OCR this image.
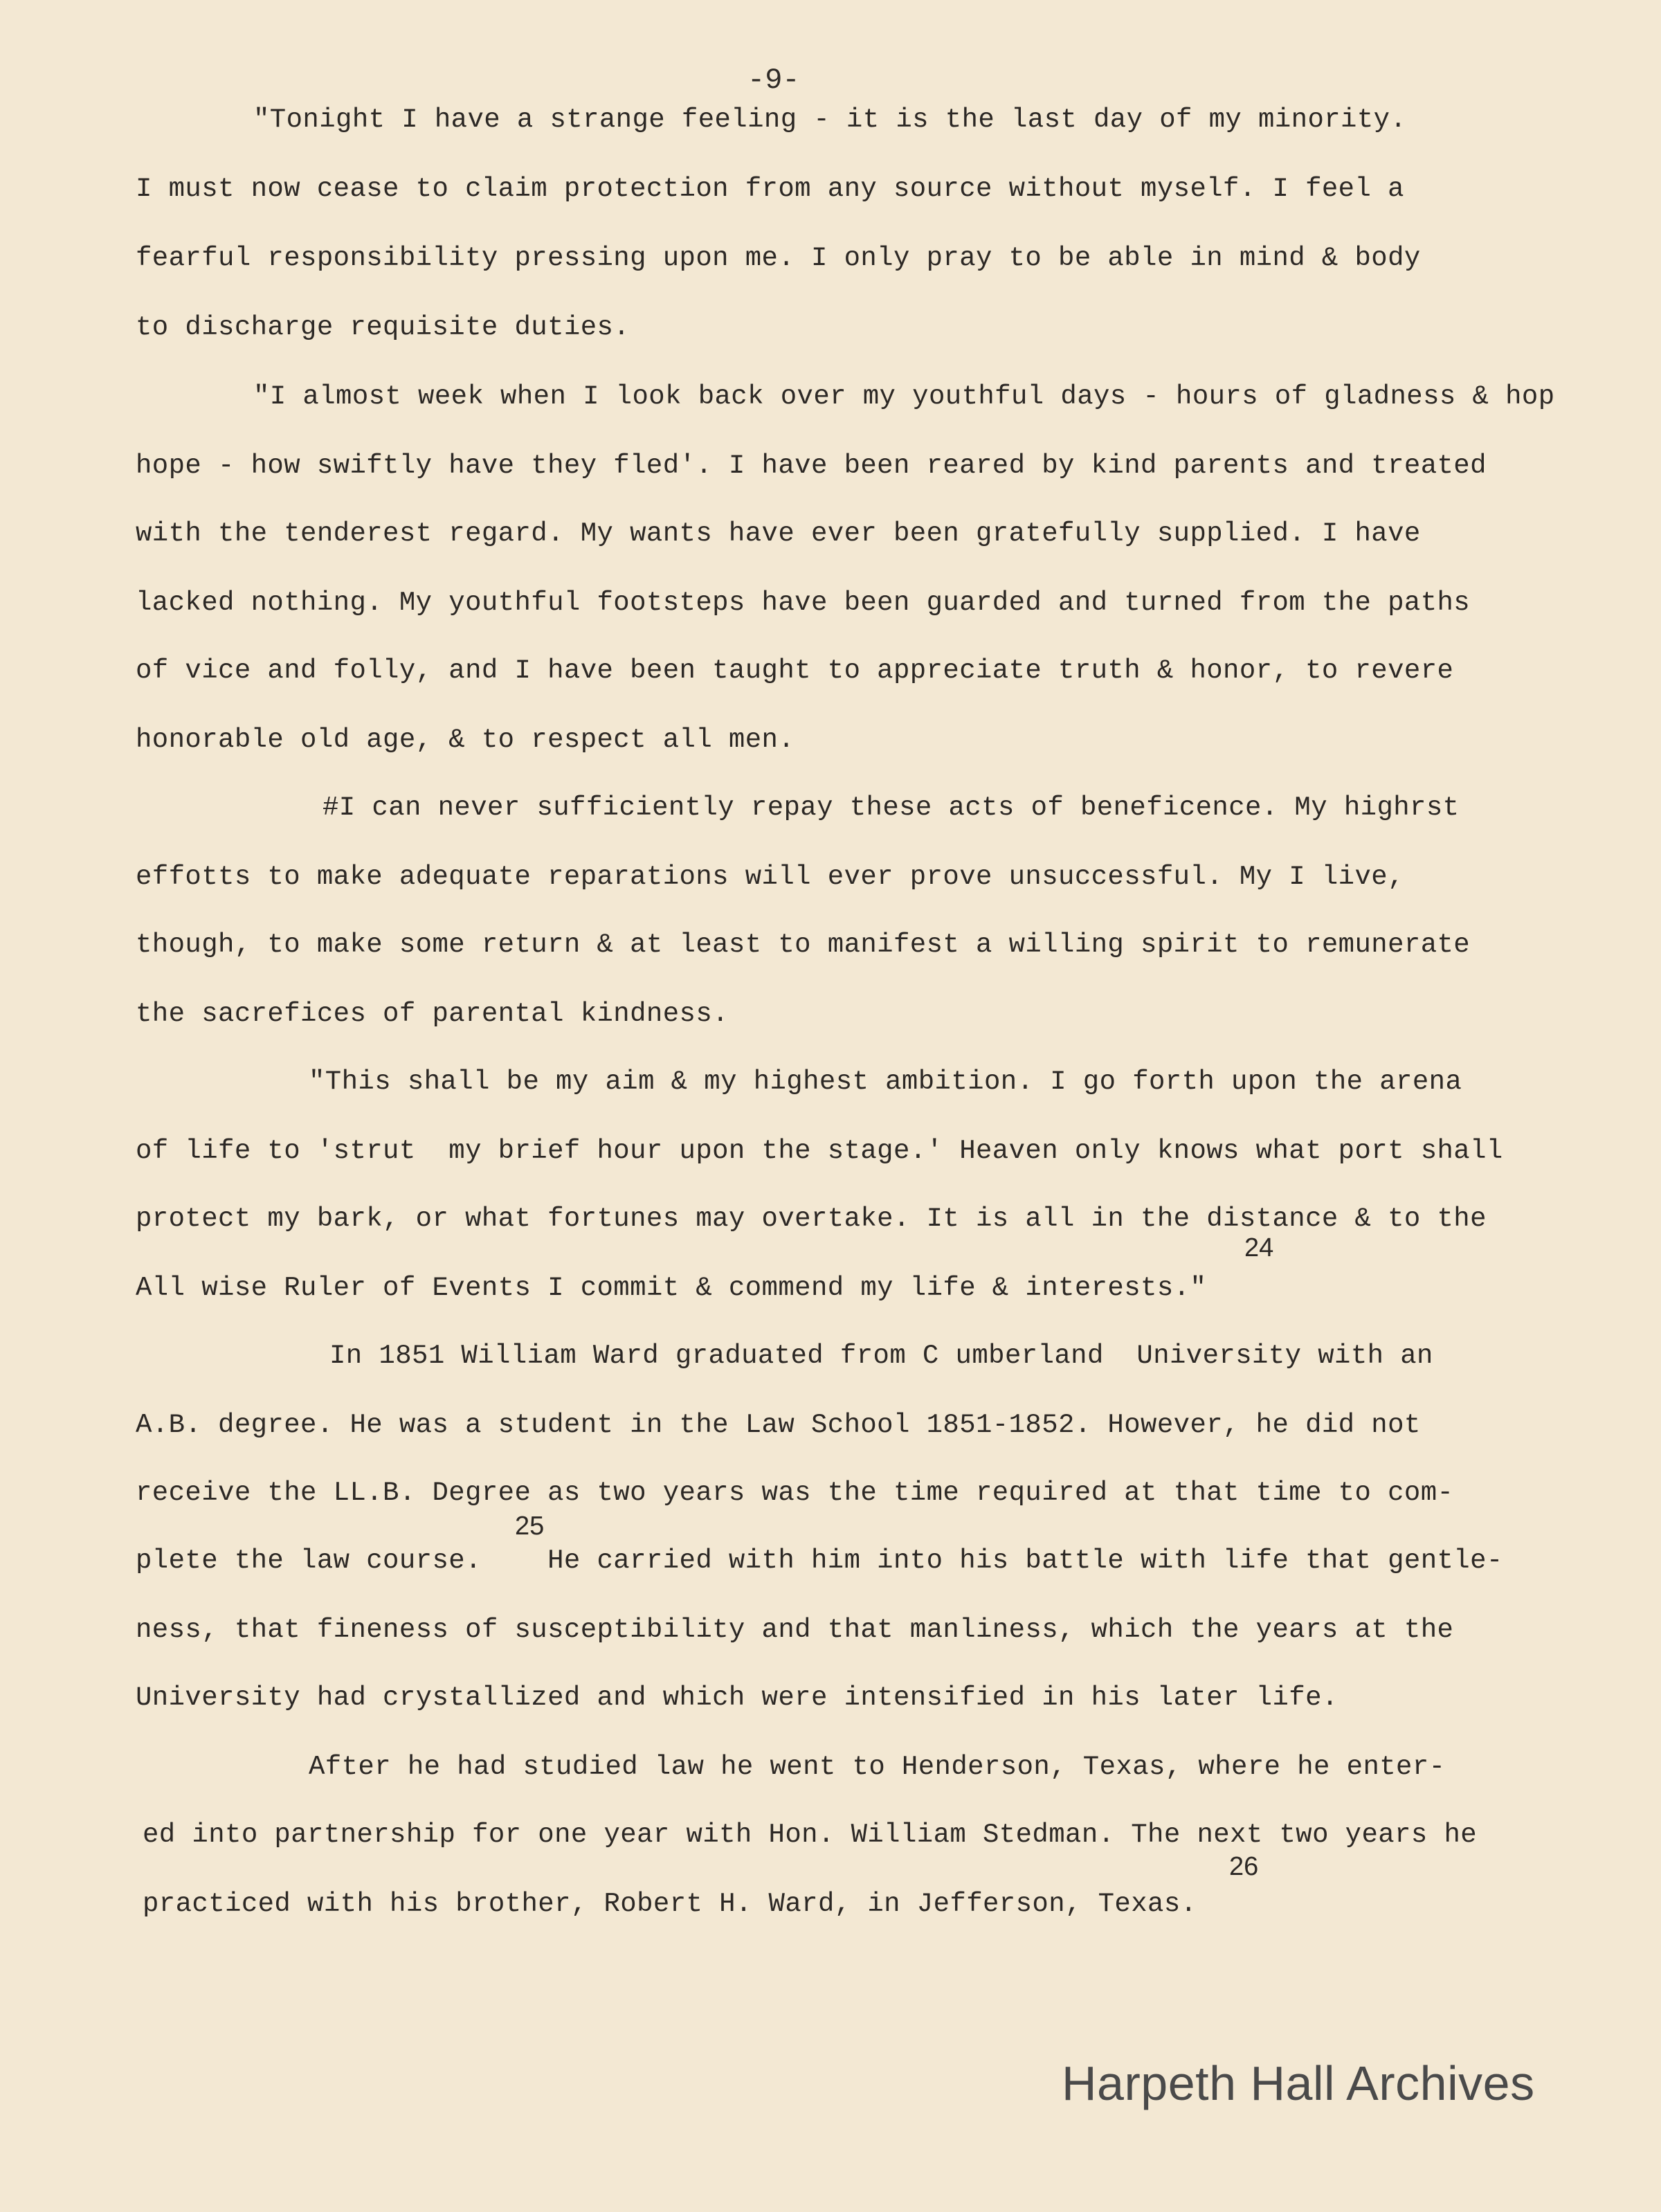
-9-
"Tonight I have a strange feeling - it is the last day of my minority.
I must now cease to claim protection from any source without myself. I feel a
fearful responsibility pressing upon me. I only pray to be able in mind & body
to discharge requisite duties.
"I almost week when I look back over my youthful days - hours of gladness & hop
hope - how swiftly have they fled'. I have been reared by kind parents and treated
with the tenderest regard. My wants have ever been gratefully supplied. I have
lacked nothing. My youthful footsteps have been guarded and turned from the paths
of vice and folly, and I have been taught to appreciate truth & honor, to revere
honorable old age, & to respect all men.
#I can never sufficiently repay these acts of beneficence. My highrst
effotts to make adequate reparations will ever prove unsuccessful. My I live,
though, to make some return & at least to manifest a willing spirit to remunerate
the sacrefices of parental kindness.
"This shall be my aim & my highest ambition. I go forth upon the arena
of life to 'strut  my brief hour upon the stage.' Heaven only knows what port shall
protect my bark, or what fortunes may overtake. It is all in the distance & to the
All wise Ruler of Events I commit & commend my life & interests."
24
In 1851 William Ward graduated from C umberland  University with an
A.B. degree. He was a student in the Law School 1851-1852. However, he did not
receive the LL.B. Degree as two years was the time required at that time to com-
plete the law course.    He carried with him into his battle with life that gentle-
25
ness, that fineness of susceptibility and that manliness, which the years at the
University had crystallized and which were intensified in his later life.
After he had studied law he went to Henderson, Texas, where he enter-
ed into partnership for one year with Hon. William Stedman. The next two years he
practiced with his brother, Robert H. Ward, in Jefferson, Texas.
26
Harpeth Hall Archives
